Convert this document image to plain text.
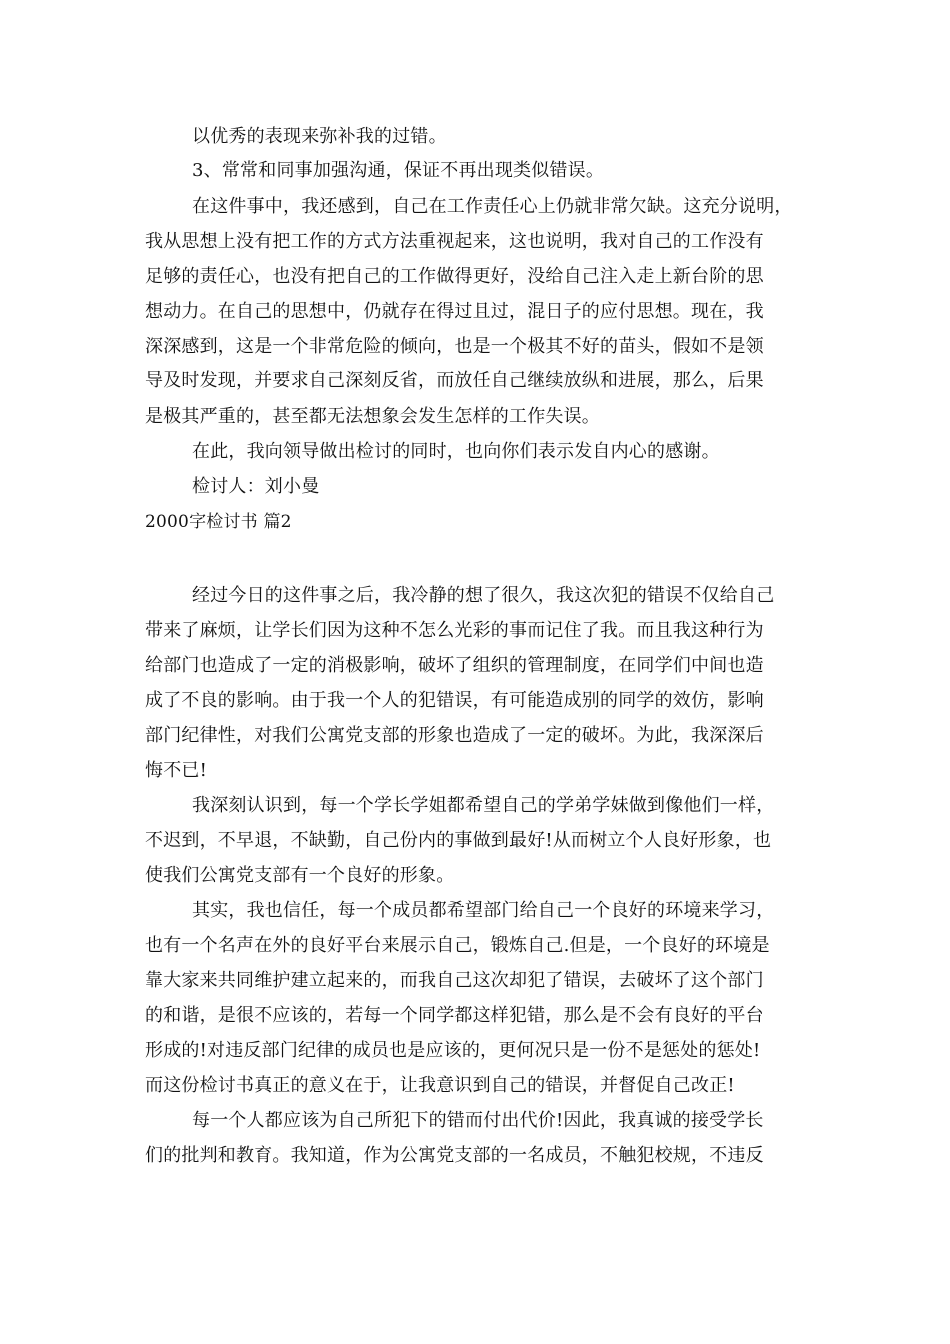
以优秀的表现来弥补我的过错。
3、常常和同事加强沟通，保证不再出现类似错误。
在这件事中，我还感到，自己在工作责任心上仍就非常欠缺。这充分说明，
我从思想上没有把工作的方式方法重视起来，这也说明，我对自己的工作没有
足够的责任心，也没有把自己的工作做得更好，没给自己注入走上新台阶的思
想动力。在自己的思想中，仍就存在得过且过，混日子的应付思想。现在，我
深深感到，这是一个非常危险的倾向，也是一个极其不好的苗头，假如不是领
导及时发现，并要求自己深刻反省，而放任自己继续放纵和进展，那么，后果
是极其严重的，甚至都无法想象会发生怎样的工作失误。
在此，我向领导做出检讨的同时，也向你们表示发自内心的感谢。
检讨人：刘小曼
2000字检讨书 篇2
经过今日的这件事之后，我冷静的想了很久，我这次犯的错误不仅给自己
带来了麻烦，让学长们因为这种不怎么光彩的事而记住了我。而且我这种行为
给部门也造成了一定的消极影响，破坏了组织的管理制度，在同学们中间也造
成了不良的影响。由于我一个人的犯错误，有可能造成别的同学的效仿，影响
部门纪律性，对我们公寓党支部的形象也造成了一定的破坏。为此，我深深后
悔不已!
我深刻认识到，每一个学长学姐都希望自己的学弟学妹做到像他们一样，
不迟到，不早退，不缺勤，自己份内的事做到最好!从而树立个人良好形象，也
使我们公寓党支部有一个良好的形象。
其实，我也信任，每一个成员都希望部门给自己一个良好的环境来学习，
也有一个名声在外的良好平台来展示自己，锻炼自己.但是，一个良好的环境是
靠大家来共同维护建立起来的，而我自己这次却犯了错误，去破坏了这个部门
的和谐，是很不应该的，若每一个同学都这样犯错，那么是不会有良好的平台
形成的!对违反部门纪律的成员也是应该的，更何况只是一份不是惩处的惩处!
而这份检讨书真正的意义在于，让我意识到自己的错误，并督促自己改正!
每一个人都应该为自己所犯下的错而付出代价!因此，我真诚的接受学长
们的批判和教育。我知道，作为公寓党支部的一名成员，不触犯校规，不违反
